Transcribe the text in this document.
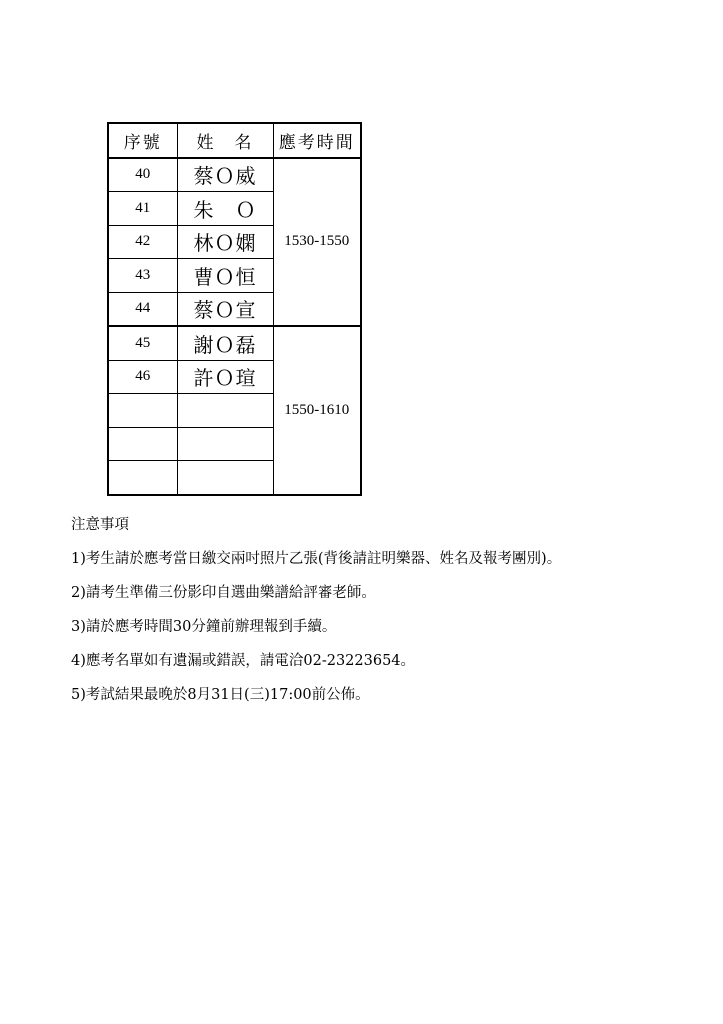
序號	姓　名	應考時間
40	蔡Ｏ威	1530-1550
41	朱　Ｏ	
42	林Ｏ嫻	
43	曹Ｏ恒	
44	蔡Ｏ宣	
45	謝Ｏ磊	1550-1610
46	許Ｏ瑄	

注意事項
1)考生請於應考當日繳交兩吋照片乙張(背後請註明樂器、姓名及報考團別)。
2)請考生準備三份影印自選曲樂譜給評審老師。
3)請於應考時間30分鐘前辦理報到手續。
4)應考名單如有遺漏或錯誤，請電洽02-23223654。
5)考試結果最晚於8月31日(三)17:00前公佈。
